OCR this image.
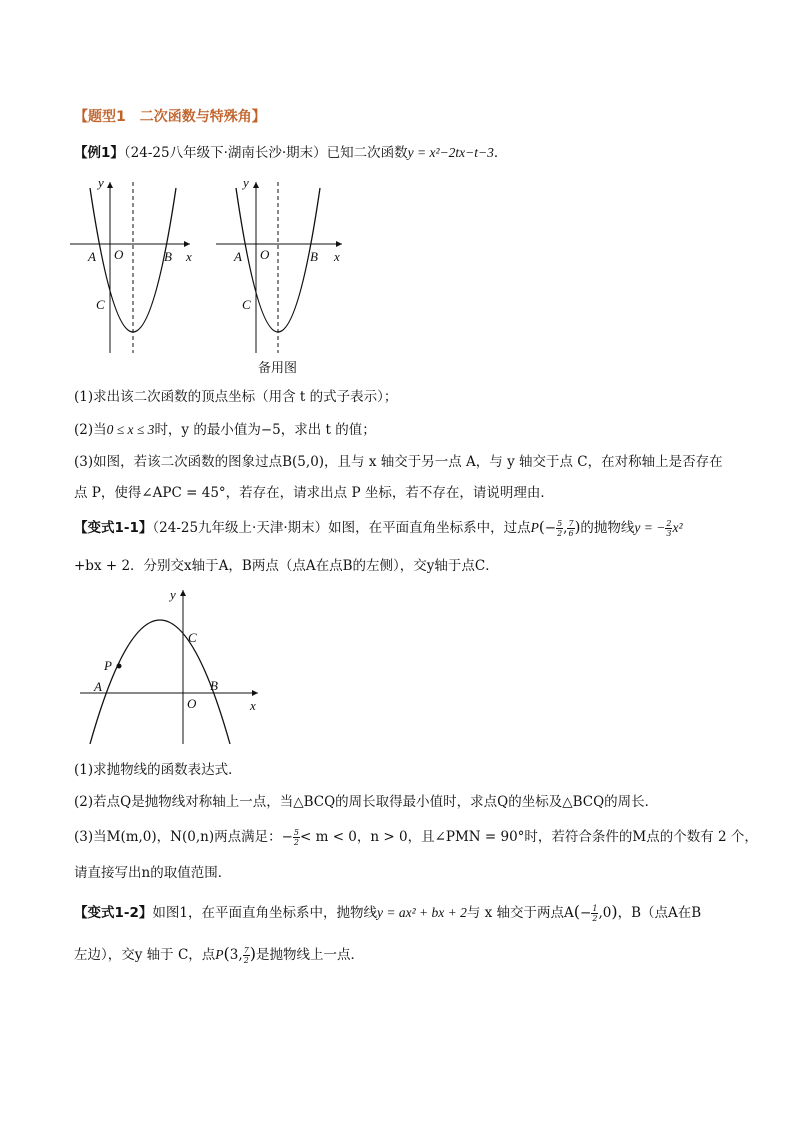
【题型1　二次函数与特殊角】
【例1】（24-25八年级下·湖南长沙·期末）已知二次函数y = x²−2tx−t−3．
y
x
A O	B
C
y
x
A O	B
C
备用图
(1)求出该二次函数的顶点坐标（用含 t 的式子表示）；
(2)当0 ≤ x ≤ 3时，y 的最小值为−5，求出 t 的值；
(3)如图，若该二次函数的图象过点B(5,0)，且与 x 轴交于另一点 A，与 y 轴交于点 C，在对称轴上是否存在
点 P，使得∠APC = 45°，若存在，请求出点 P 坐标，若不存在，请说明理由．
【变式1-1】（24-25九年级上·天津·期末）如图，在平面直角坐标系中，过点$P(- \frac{5}{2}$ , $\frac{7}{6}$ )的抛物线y = − $\frac{2}{3} x^2$
+bx + 2．分别交x轴于A，B两点（点A在点B的左侧），交y轴于点C．
y
x
A
O
B
C
P
(1)求抛物线的函数表达式．
(2)若点Q是抛物线对称轴上一点，当△BCQ的周长取得最小值时，求点Q的坐标及△BCQ的周长．
(3)当M(m,0)，N(0,n)两点满足：− $\frac{5}{2} < m < 0$，n > 0，且∠PMN = 90°时，若符合条件的M点的个数有 2 个，
请直接写出n的取值范围．
【变式1-2】如图1，在平面直角坐标系中，抛物线y = ax² + bx + 2与 x 轴交于两点$A(- \frac{1}{2} ,0)$，B（点A在B
左边），交y 轴于 C，点P(3, $\frac{7}{2}$ )是抛物线上一点．
